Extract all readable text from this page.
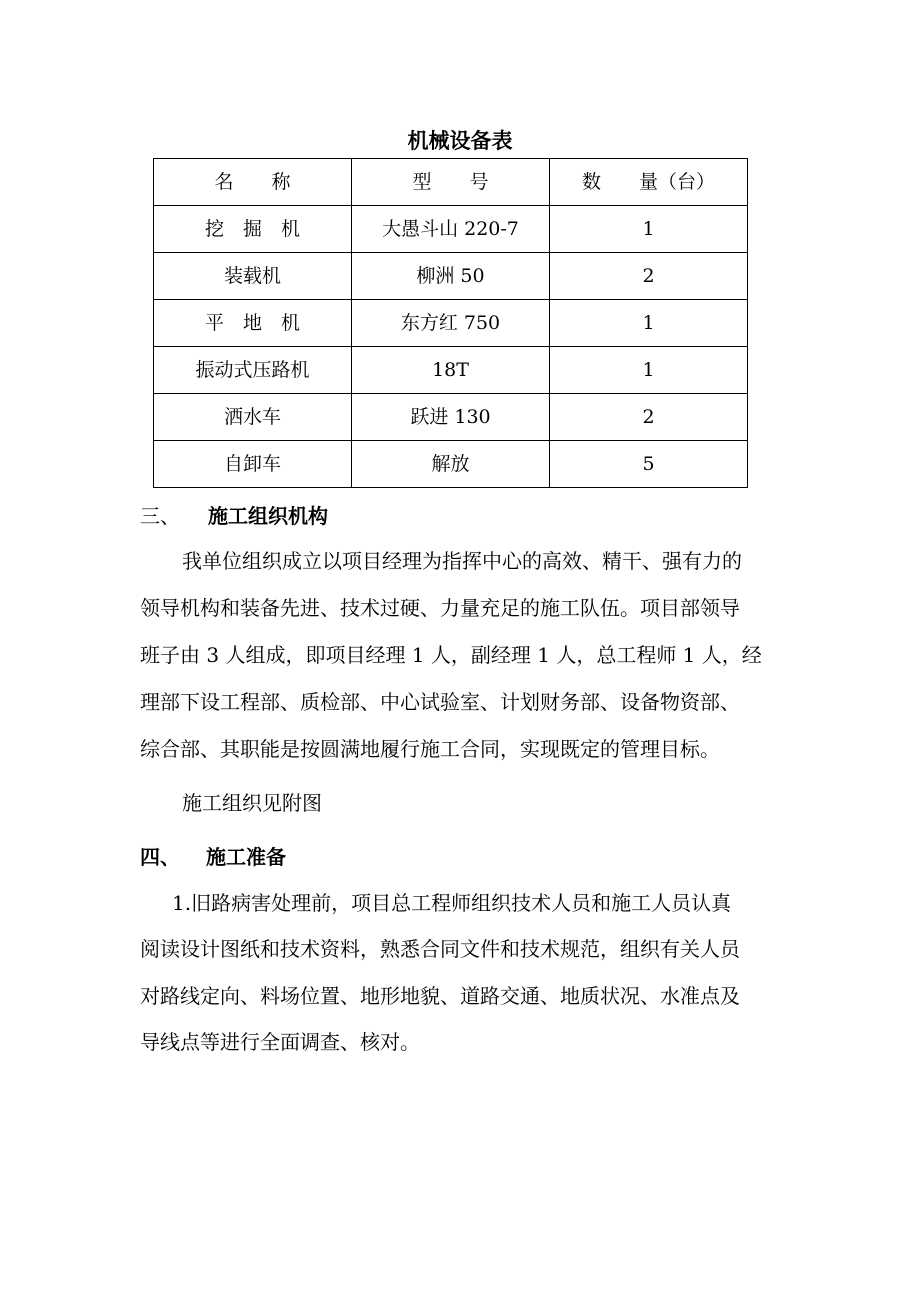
机械设备表
名　　称	型　　号	数　　量（台）
挖　掘　机	大愚斗山 220-7	1
装载机	柳洲 50	2
平　地　机	东方红 750	1
振动式压路机	18T	1
洒水车	跃进 130	2
自卸车	解放	5
三、 施工组织机构
我单位组织成立以项目经理为指挥中心的高效、精干、强有力的
领导机构和装备先进、技术过硬、力量充足的施工队伍。项目部领导
班子由 3 人组成，即项目经理 1 人，副经理 1 人，总工程师 1 人，经
理部下设工程部、质检部、中心试验室、计划财务部、设备物资部、
综合部、其职能是按圆满地履行施工合同，实现既定的管理目标。
施工组织见附图
四、 施工准备
1.旧路病害处理前，项目总工程师组织技术人员和施工人员认真
阅读设计图纸和技术资料，熟悉合同文件和技术规范，组织有关人员
对路线定向、料场位置、地形地貌、道路交通、地质状况、水准点及
导线点等进行全面调查、核对。
